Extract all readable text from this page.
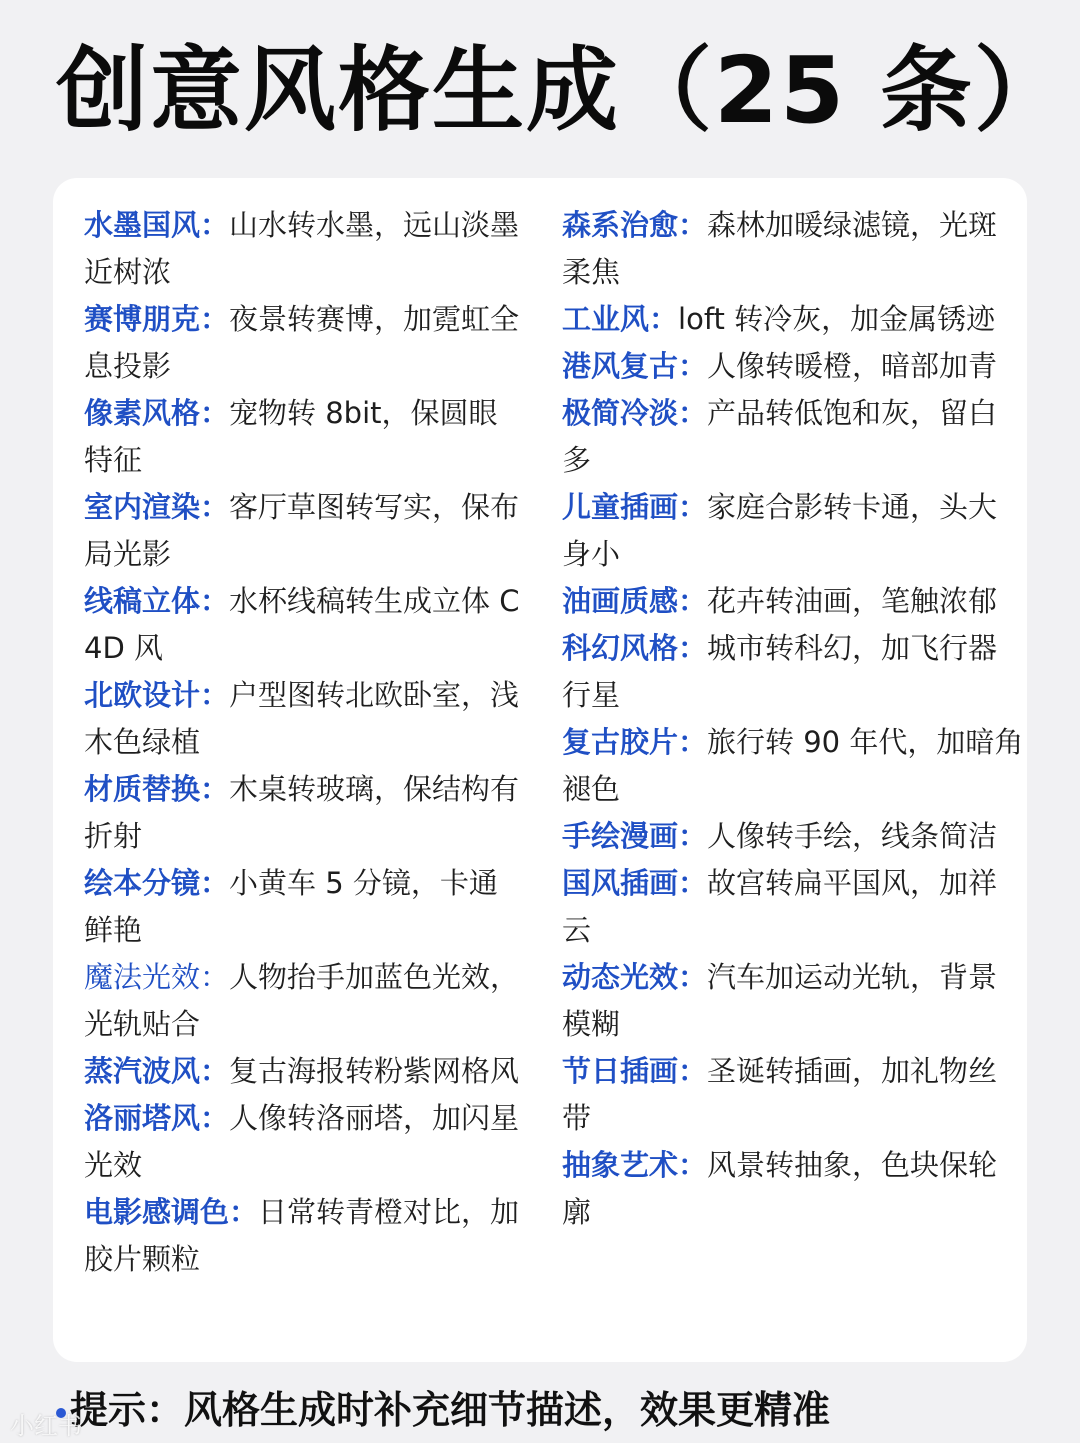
创意风格生成（25 条）
水墨国风：山水转水墨，远山淡墨近树浓
赛博朋克：夜景转赛博，加霓虹全息投影
像素风格：宠物转 8bit，保圆眼特征
室内渲染：客厅草图转写实，保布局光影
线稿立体：水杯线稿转生成立体 C4D 风
北欧设计：户型图转北欧卧室，浅木色绿植
材质替换：木桌转玻璃，保结构有折射
绘本分镜：小黄车 5 分镜，卡通鲜艳
魔法光效：人物抬手加蓝色光效，光轨贴合
蒸汽波风：复古海报转粉紫网格风
洛丽塔风：人像转洛丽塔，加闪星光效
电影感调色：日常转青橙对比，加胶片颗粒
森系治愈：森林加暖绿滤镜，光斑柔焦
工业风：loft 转冷灰，加金属锈迹
港风复古：人像转暖橙，暗部加青
极简冷淡：产品转低饱和灰，留白多
儿童插画：家庭合影转卡通，头大身小
油画质感：花卉转油画，笔触浓郁
科幻风格：城市转科幻，加飞行器行星
复古胶片：旅行转 90 年代，加暗角褪色
手绘漫画：人像转手绘，线条简洁
国风插画：故宫转扁平国风，加祥云
动态光效：汽车加运动光轨，背景模糊
节日插画：圣诞转插画，加礼物丝带
抽象艺术：风景转抽象，色块保轮廓
提示：风格生成时补充细节描述，效果更精准
小红书
